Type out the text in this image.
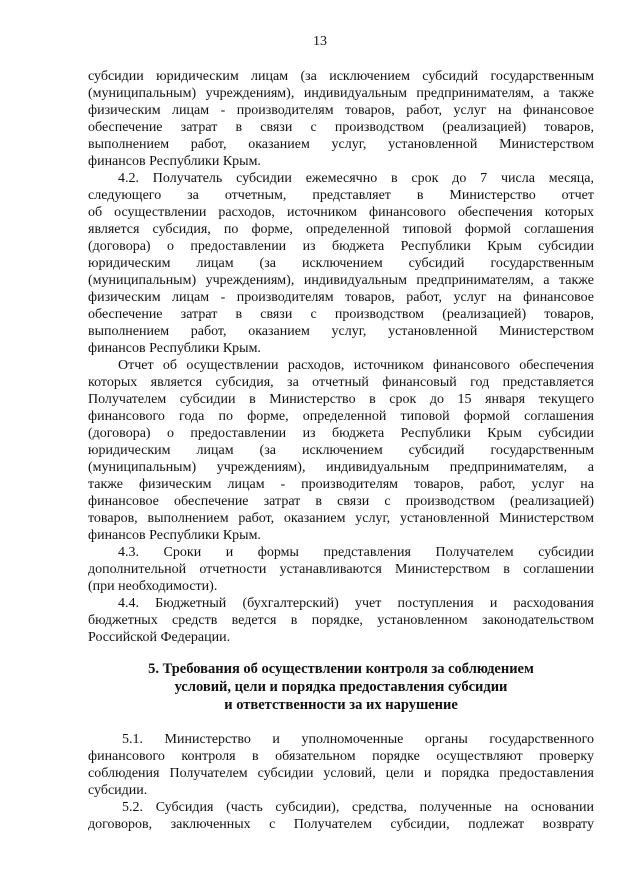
13
субсидии юридическим лицам (за исключением субсидий государственным
(муниципальным) учреждениям), индивидуальным предпринимателям, а также
физическим лицам - производителям товаров, работ, услуг на финансовое
обеспечение затрат в связи с производством (реализацией) товаров,
выполнением работ, оказанием услуг, установленной Министерством
финансов Республики Крым.
4.2. Получатель субсидии ежемесячно в срок до 7 числа месяца,
следующего за отчетным, представляет в Министерство отчет
об осуществлении расходов, источником финансового обеспечения которых
является субсидия, по форме, определенной типовой формой соглашения
(договора) о предоставлении из бюджета Республики Крым субсидии
юридическим лицам (за исключением субсидий государственным
(муниципальным) учреждениям), индивидуальным предпринимателям, а также
физическим лицам - производителям товаров, работ, услуг на финансовое
обеспечение затрат в связи с производством (реализацией) товаров,
выполнением работ, оказанием услуг, установленной Министерством
финансов Республики Крым.
Отчет об осуществлении расходов, источником финансового обеспечения
которых является субсидия, за отчетный финансовый год представляется
Получателем субсидии в Министерство в срок до 15 января текущего
финансового года по форме, определенной типовой формой соглашения
(договора) о предоставлении из бюджета Республики Крым субсидии
юридическим лицам (за исключением субсидий государственным
(муниципальным) учреждениям), индивидуальным предпринимателям, а
также физическим лицам - производителям товаров, работ, услуг на
финансовое обеспечение затрат в связи с производством (реализацией)
товаров, выполнением работ, оказанием услуг, установленной Министерством
финансов Республики Крым.
4.3. Сроки и формы представления Получателем субсидии
дополнительной отчетности устанавливаются Министерством в соглашении
(при необходимости).
4.4. Бюджетный (бухгалтерский) учет поступления и расходования
бюджетных средств ведется в порядке, установленном законодательством
Российской Федерации.
5. Требования об осуществлении контроля за соблюдением
условий, цели и порядка предоставления субсидии
и ответственности за их нарушение
5.1. Министерство и уполномоченные органы государственного
финансового контроля в обязательном порядке осуществляют проверку
соблюдения Получателем субсидии условий, цели и порядка предоставления
субсидии.
5.2. Субсидия (часть субсидии), средства, полученные на основании
договоров, заключенных с Получателем субсидии, подлежат возврату
